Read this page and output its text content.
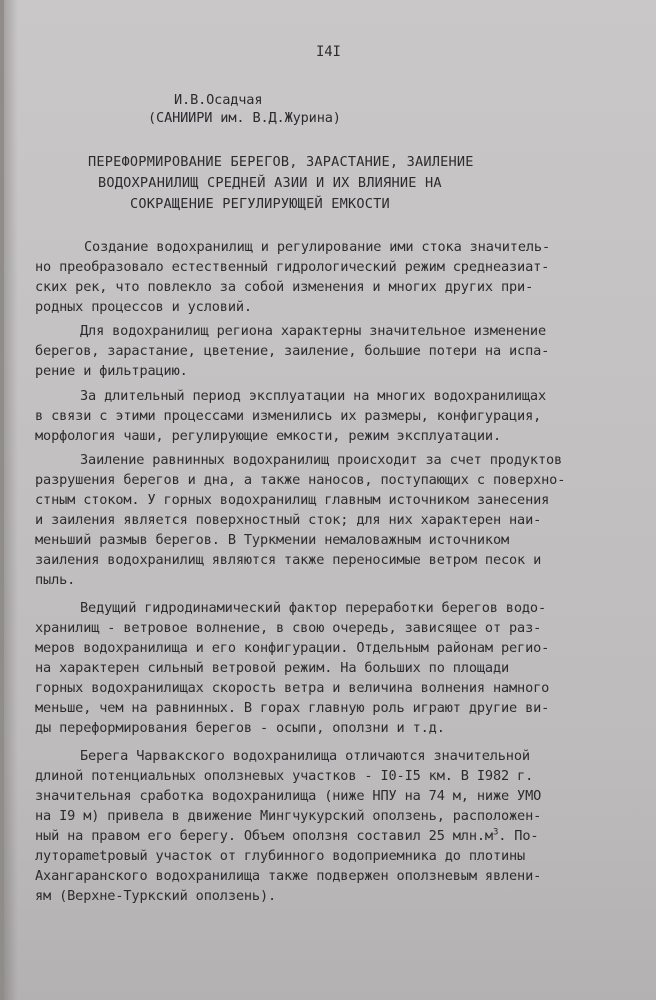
I4I
И.В.Осадчая
(САНИИРИ им. В.Д.Журина)
ПЕРЕФОРМИРОВАНИЕ БЕРЕГОВ, ЗАРАСТАНИЕ, ЗАИЛЕНИЕ
ВОДОХРАНИЛИЩ СРЕДНЕЙ АЗИИ И ИХ ВЛИЯНИЕ НА
СОКРАЩЕНИЕ РЕГУЛИРУЮЩЕЙ ЕМКОСТИ
Создание водохранилищ и регулирование ими стока значитель-
но преобразовало естественный гидрологический режим среднеазиат-
ских рек, что повлекло за собой изменения и многих других при-
родных процессов и условий.
Для водохранилищ региона характерны значительное изменение
берегов, зарастание, цветение, заиление, большие потери на испа-
рение и фильтрацию.
За длительный период эксплуатации на многих водохранилищах
в связи с этими процессами изменились их размеры, конфигурация,
морфология чаши, регулирующие емкости, режим эксплуатации.
Заиление равнинных водохранилищ происходит за счет продуктов
разрушения берегов и дна, а также наносов, поступающих с поверхно-
стным стоком. У горных водохранилищ главным источником занесения
и заиления является поверхностный сток; для них характерен наи-
меньший размыв берегов. В Туркмении немаловажным источником
заиления водохранилищ являются также переносимые ветром песок и
пыль.
Ведущий гидродинамический фактор переработки берегов водо-
хранилищ - ветровое волнение, в свою очередь, зависящее от раз-
меров водохранилища и его конфигурации. Отдельным районам регио-
на характерен сильный ветровой режим. На больших по площади
горных водохранилищах скорость ветра и величина волнения намного
меньше, чем на равнинных. В горах главную роль играют другие ви-
ды переформирования берегов - осыпи, оползни и т.д.
Берега Чарвакского водохранилища отличаются значительной
длиной потенциальных оползневых участков - I0-I5 км. В I982 г.
значительная сработка водохранилища (ниже НПУ на 74 м, ниже УМО
на I9 м) привела в движение Мингчукурский оползень, расположен-
ный на правом его берегу. Объем оползня составил 25 $млн.м^3$. По-
луторametровый участок от глубинного водоприемника до плотины
Ахангаранского водохранилища также подвержен оползневым явлени-
ям (Верхне-Туркский оползень).
